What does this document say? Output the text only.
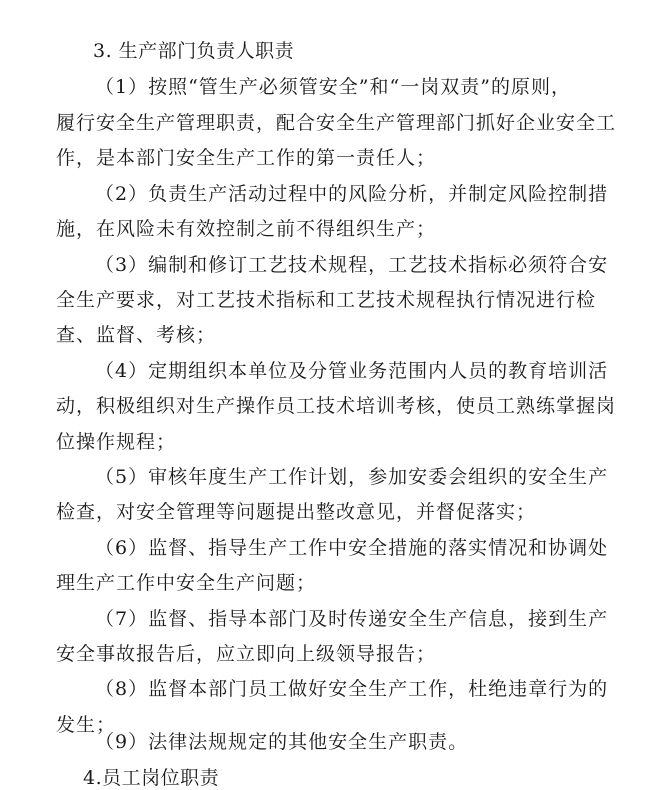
3. 生产部门负责人职责
（1）按照“管生产必须管安全”和“一岗双责”的原则，
履行安全生产管理职责，配合安全生产管理部门抓好企业安全工
作，是本部门安全生产工作的第一责任人；
（2）负责生产活动过程中的风险分析，并制定风险控制措
施，在风险未有效控制之前不得组织生产；
（3）编制和修订工艺技术规程，工艺技术指标必须符合安
全生产要求，对工艺技术指标和工艺技术规程执行情况进行检
查、监督、考核；
（4）定期组织本单位及分管业务范围内人员的教育培训活
动，积极组织对生产操作员工技术培训考核，使员工熟练掌握岗
位操作规程；
（5）审核年度生产工作计划，参加安委会组织的安全生产
检查，对安全管理等问题提出整改意见，并督促落实；
（6）监督、指导生产工作中安全措施的落实情况和协调处
理生产工作中安全生产问题；
（7）监督、指导本部门及时传递安全生产信息，接到生产
安全事故报告后，应立即向上级领导报告；
（8）监督本部门员工做好安全生产工作，杜绝违章行为的
发生；
（9）法律法规规定的其他安全生产职责。
4.员工岗位职责
